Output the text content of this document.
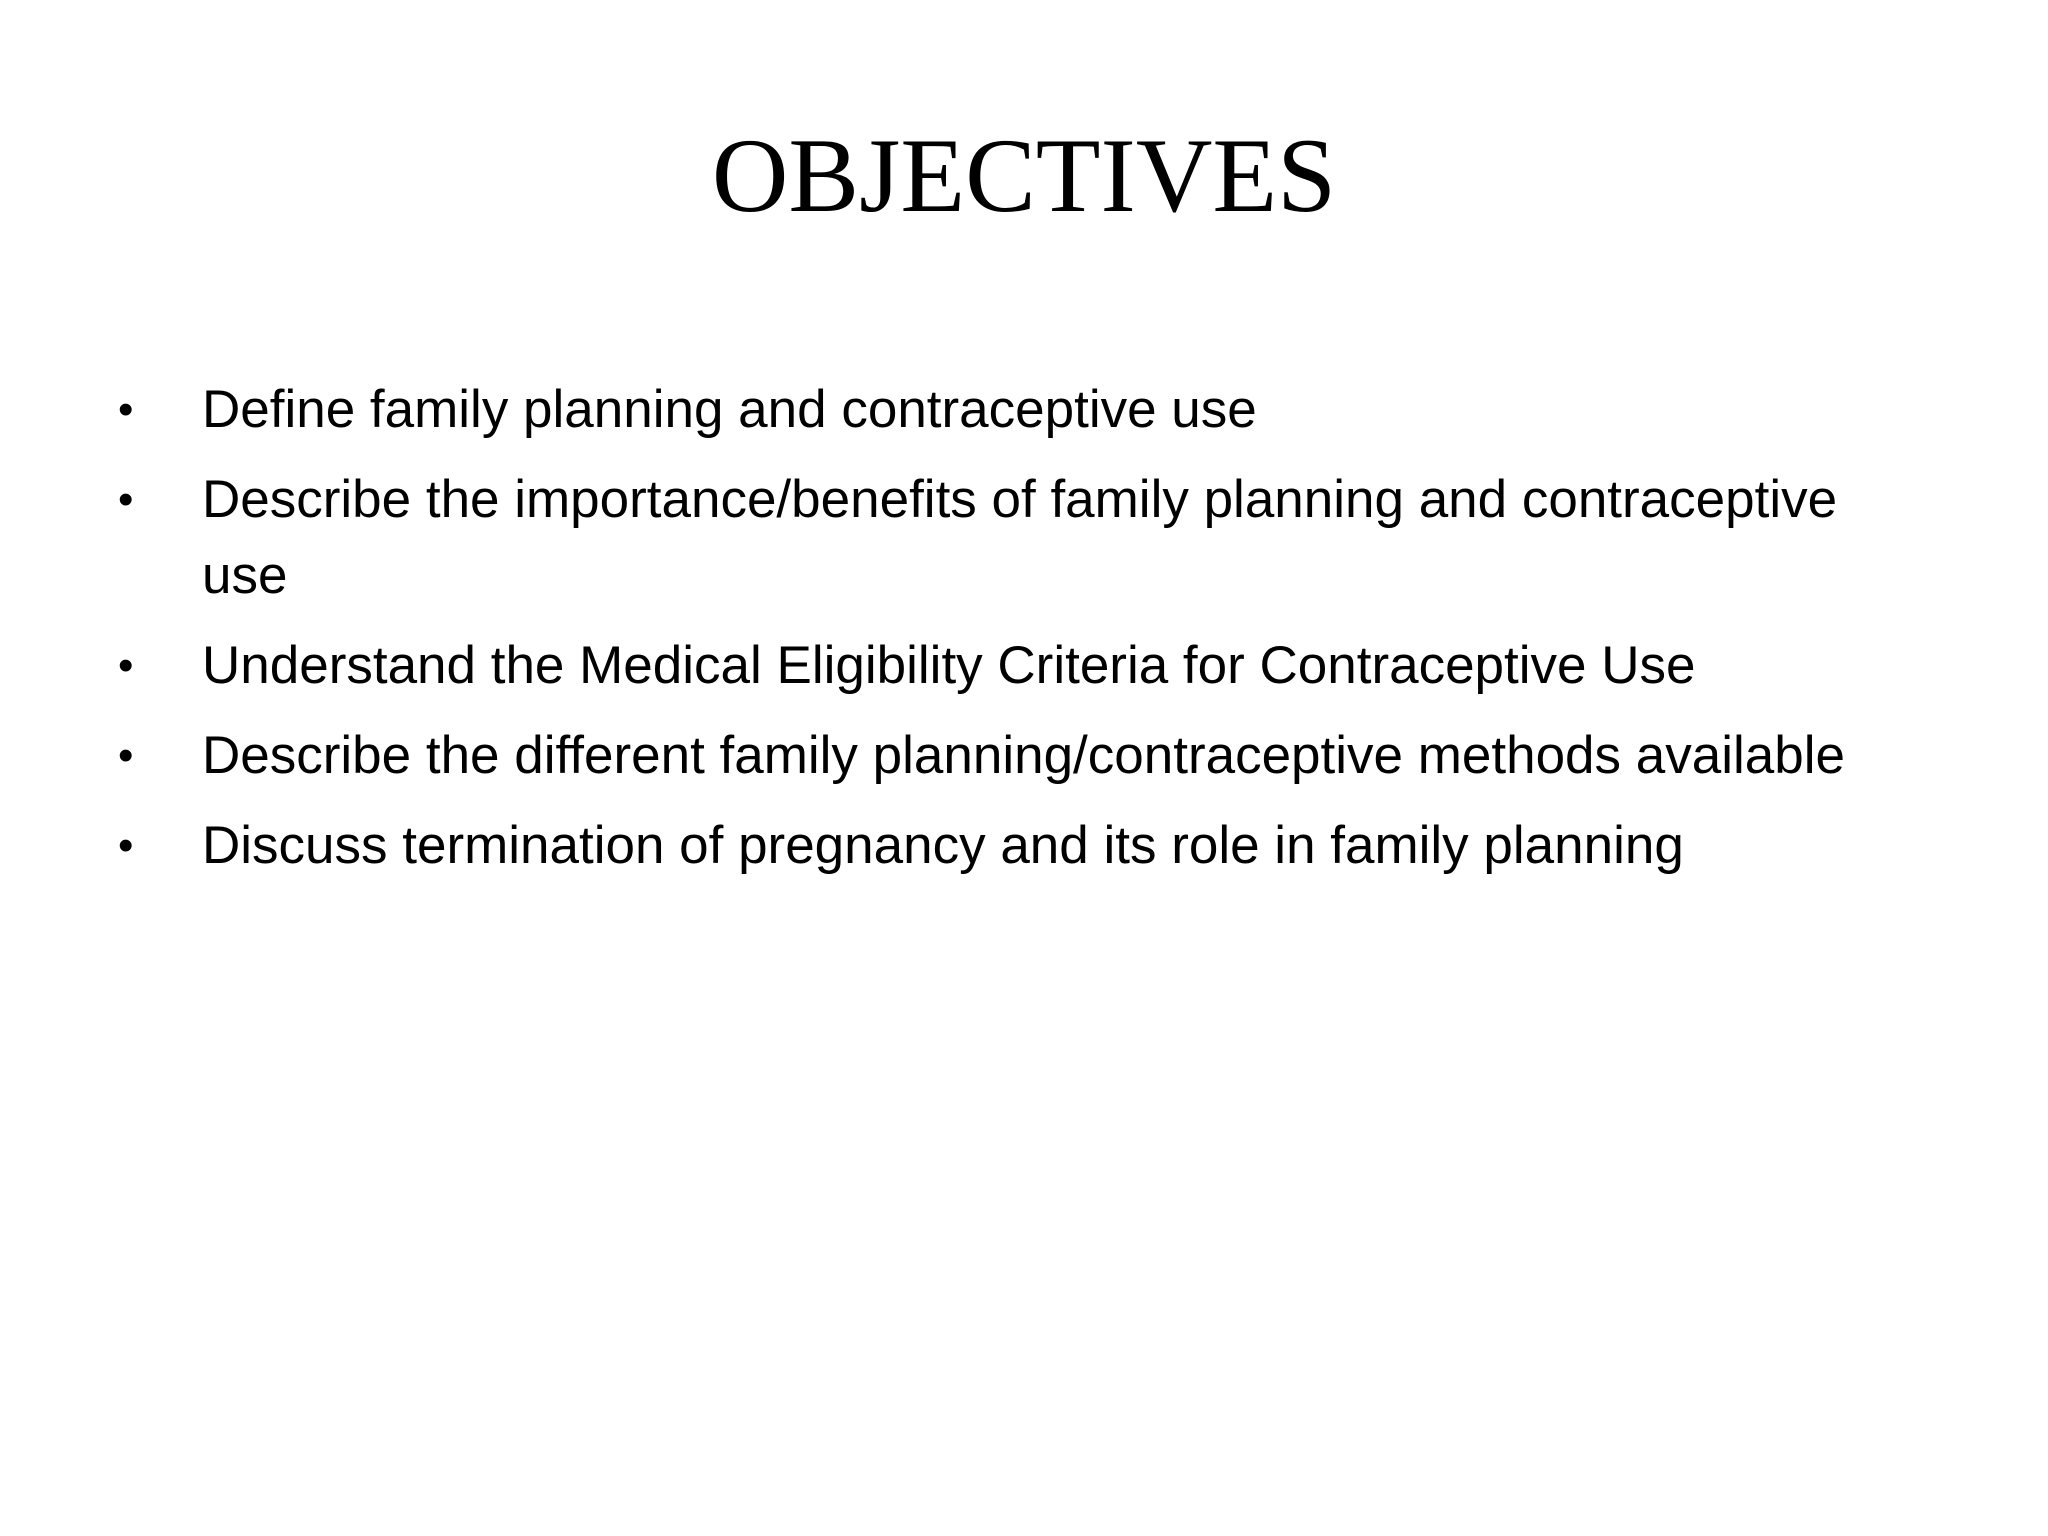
OBJECTIVES
•	Define family planning and contraceptive use
•	Describe the importance/benefits of family planning and contraceptive use
•	Understand the Medical Eligibility Criteria for Contraceptive Use
•	Describe the different family planning/contraceptive methods available
•	Discuss termination of pregnancy and its role in family planning
